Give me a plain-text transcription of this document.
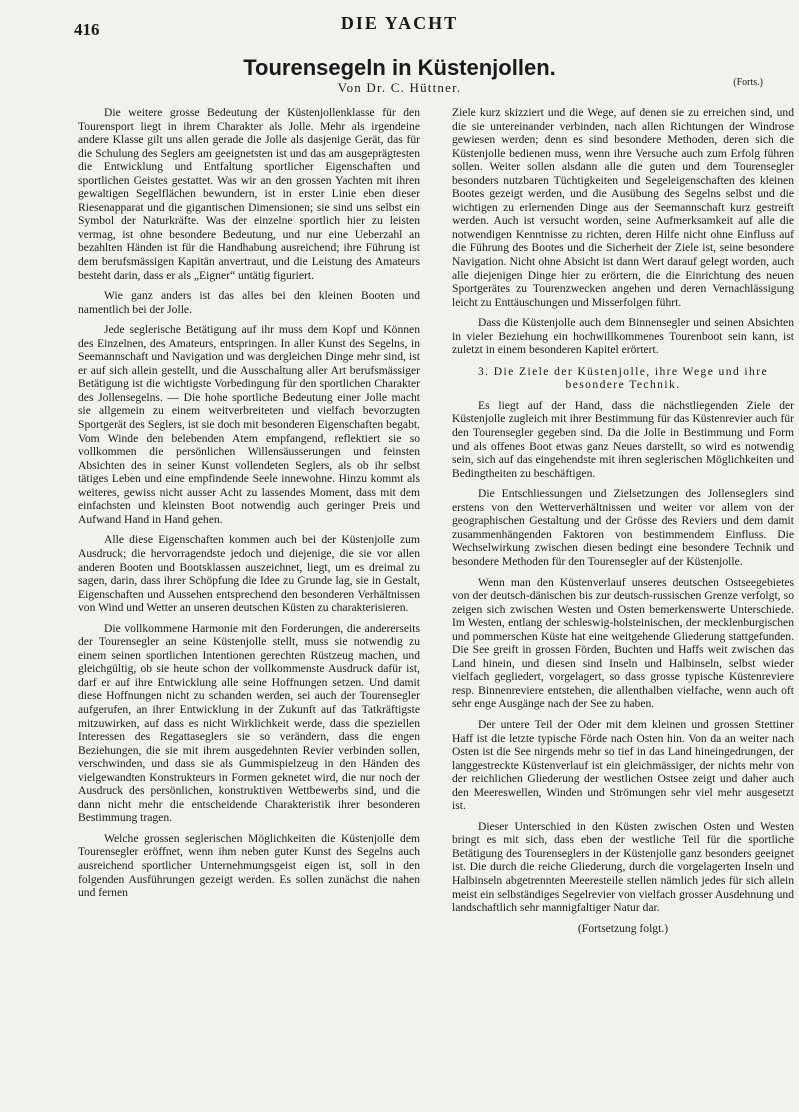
416	DIE YACHT
Tourensegeln in Küstenjollen.
Von Dr. C. Hüttner.	(Forts.)

Die weitere grosse Bedeutung der Küstenjollenklasse für den Tourensport liegt in ihrem Charakter als Jolle. Mehr als irgendeine andere Klasse gilt uns allen gerade die Jolle als dasjenige Gerät, das für die Schulung des Seglers am geeignetsten ist und das am ausgeprägtesten die Entwicklung und Entfaltung sportlicher Eigenschaften und sportlichen Geistes gestattet. Was wir an den grossen Yachten mit ihren gewaltigen Segelflächen bewundern, ist in erster Linie eben dieser Riesenapparat und die gigantischen Dimensionen; sie sind uns selbst ein Symbol der Naturkräfte. Was der einzelne sportlich hier zu leisten vermag, ist ohne besondere Bedeutung, und nur eine Ueberzahl an bezahlten Händen ist für die Handhabung ausreichend; ihre Führung ist dem berufsmässigen Kapitän anvertraut, und die Leistung des Amateurs besteht darin, dass er als „Eigner“ untätig figuriert.

Wie ganz anders ist das alles bei den kleinen Booten und namentlich bei der Jolle.

Jede seglerische Betätigung auf ihr muss dem Kopf und Können des Einzelnen, des Amateurs, entspringen. In aller Kunst des Segelns, in Seemannschaft und Navigation und was dergleichen Dinge mehr sind, ist er auf sich allein gestellt, und die Ausschaltung aller Art berufsmässiger Betätigung ist die wichtigste Vorbedingung für den sportlichen Charakter des Jollensegelns. — Die hohe sportliche Bedeutung einer Jolle macht sie allgemein zu einem weitverbreiteten und vielfach bevorzugten Sportgerät des Seglers, ist sie doch mit besonderen Eigenschaften begabt. Vom Winde den belebenden Atem empfangend, reflektiert sie so vollkommen die persönlichen Willensäusserungen und feinsten Absichten des in seiner Kunst vollendeten Seglers, als ob ihr selbst tätiges Leben und eine empfindende Seele innewohne. Hinzu kommt als weiteres, gewiss nicht ausser Acht zu lassendes Moment, dass mit dem einfachsten und kleinsten Boot notwendig auch geringer Preis und Aufwand Hand in Hand gehen.

Alle diese Eigenschaften kommen auch bei der Küstenjolle zum Ausdruck; die hervorragendste jedoch und diejenige, die sie vor allen anderen Booten und Bootsklassen auszeichnet, liegt, um es dreimal zu sagen, darin, dass ihrer Schöpfung die Idee zu Grunde lag, sie in Gestalt, Eigenschaften und Aussehen entsprechend den besonderen Verhältnissen von Wind und Wetter an unseren deutschen Küsten zu charakterisieren.

Die vollkommene Harmonie mit den Forderungen, die andererseits der Tourensegler an seine Küstenjolle stellt, muss sie notwendig zu einem seinen sportlichen Intentionen gerechten Rüstzeug machen, und gleichgültig, ob sie heute schon der vollkommenste Ausdruck dafür ist, darf er auf ihre Entwicklung alle seine Hoffnungen setzen. Und damit diese Hoffnungen nicht zu schanden werden, sei auch der Tourensegler aufgerufen, an ihrer Entwicklung in der Zukunft auf das Tatkräftigste mitzuwirken, auf dass es nicht Wirklichkeit werde, dass die speziellen Interessen des Regattaseglers sie so verändern, dass die engen Beziehungen, die sie mit ihrem ausgedehnten Revier verbinden sollen, verschwinden, und dass sie als Gummispielzeug in den Händen des vielgewandten Konstrukteurs in Formen geknetet wird, die nur noch der Ausdruck des persönlichen, konstruktiven Wettbewerbs sind, und die dann nicht mehr die entscheidende Charakteristik ihrer besonderen Bestimmung tragen.

Welche grossen seglerischen Möglichkeiten die Küstenjolle dem Tourensegler eröffnet, wenn ihm neben guter Kunst des Segelns auch ausreichend sportlicher Unternehmungsgeist eigen ist, soll in den folgenden Ausführungen gezeigt werden. Es sollen zunächst die nahen und fernen

Ziele kurz skizziert und die Wege, auf denen sie zu erreichen sind, und die sie untereinander verbinden, nach allen Richtungen der Windrose gewiesen werden; denn es sind besondere Methoden, deren sich die Küstenjolle bedienen muss, wenn ihre Versuche auch zum Erfolg führen sollen. Weiter sollen alsdann alle die guten und dem Tourensegler besonders nutzbaren Tüchtigkeiten und Segeleigenschaften des kleinen Bootes gezeigt werden, und die Ausübung des Segelns selbst und die wichtigen zu erlernenden Dinge aus der Seemannschaft kurz gestreift werden. Auch ist versucht worden, seine Aufmerksamkeit auf alle die notwendigen Kenntnisse zu richten, deren Hilfe nicht ohne Einfluss auf die Führung des Bootes und die Sicherheit der Ziele ist, seine besondere Navigation. Nicht ohne Absicht ist dann Wert darauf gelegt worden, auch alle diejenigen Dinge hier zu erörtern, die die Einrichtung des neuen Sportgerätes zu Tourenzwecken angehen und deren Vernachlässigung leicht zu Enttäuschungen und Misserfolgen führt.

Dass die Küstenjolle auch dem Binnensegler und seinen Absichten in vieler Beziehung ein hochwillkommenes Tourenboot sein kann, ist zuletzt in einem besonderen Kapitel erörtert.

3. Die Ziele der Küstenjolle, ihre Wege und ihre besondere Technik.

Es liegt auf der Hand, dass die nächstliegenden Ziele der Küstenjolle zugleich mit ihrer Bestimmung für das Küstenrevier auch für den Tourensegler gegeben sind. Da die Jolle in Bestimmung und Form und als offenes Boot etwas ganz Neues darstellt, so wird es notwendig sein, sich auf das eingehendste mit ihren seglerischen Möglichkeiten und Bedingtheiten zu beschäftigen.

Die Entschliessungen und Zielsetzungen des Jollenseglers sind erstens von den Wetterverhältnissen und weiter vor allem von der geographischen Gestaltung und der Grösse des Reviers und dem damit zusammenhängenden Faktoren von bestimmendem Einfluss. Die Wechselwirkung zwischen diesen bedingt eine besondere Technik und besondere Methoden für den Tourensegler auf der Küstenjolle.

Wenn man den Küstenverlauf unseres deutschen Ostseegebietes von der deutsch-dänischen bis zur deutsch-russischen Grenze verfolgt, so zeigen sich zwischen Westen und Osten bemerkenswerte Unterschiede. Im Westen, entlang der schleswig-holsteinischen, der mecklenburgischen und pommerschen Küste hat eine weitgehende Gliederung stattgefunden. Die See greift in grossen Förden, Buchten und Haffs weit zwischen das Land hinein, und diesen sind Inseln und Halbinseln, selbst wieder vielfach gegliedert, vorgelagert, so dass grosse typische Küstenreviere resp. Binnenreviere entstehen, die allenthalben vielfache, wenn auch oft sehr enge Ausgänge nach der See zu haben.

Der untere Teil der Oder mit dem kleinen und grossen Stettiner Haff ist die letzte typische Förde nach Osten hin. Von da an weiter nach Osten ist die See nirgends mehr so tief in das Land hineingedrungen, der langgestreckte Küstenverlauf ist ein gleichmässiger, der nichts mehr von der reichlichen Gliederung der westlichen Ostsee zeigt und daher auch den Meereswellen, Winden und Strömungen sehr viel mehr ausgesetzt ist.

Dieser Unterschied in den Küsten zwischen Osten und Westen bringt es mit sich, dass eben der westliche Teil für die sportliche Betätigung des Tourenseglers in der Küstenjolle ganz besonders geeignet ist. Die durch die reiche Gliederung, durch die vorgelagerten Inseln und Halbinseln abgetrennten Meeresteile stellen nämlich jedes für sich allein meist ein selbständiges Segelrevier von vielfach grosser Ausdehnung und landschaftlich sehr mannigfaltiger Natur dar.

(Fortsetzung folgt.)
